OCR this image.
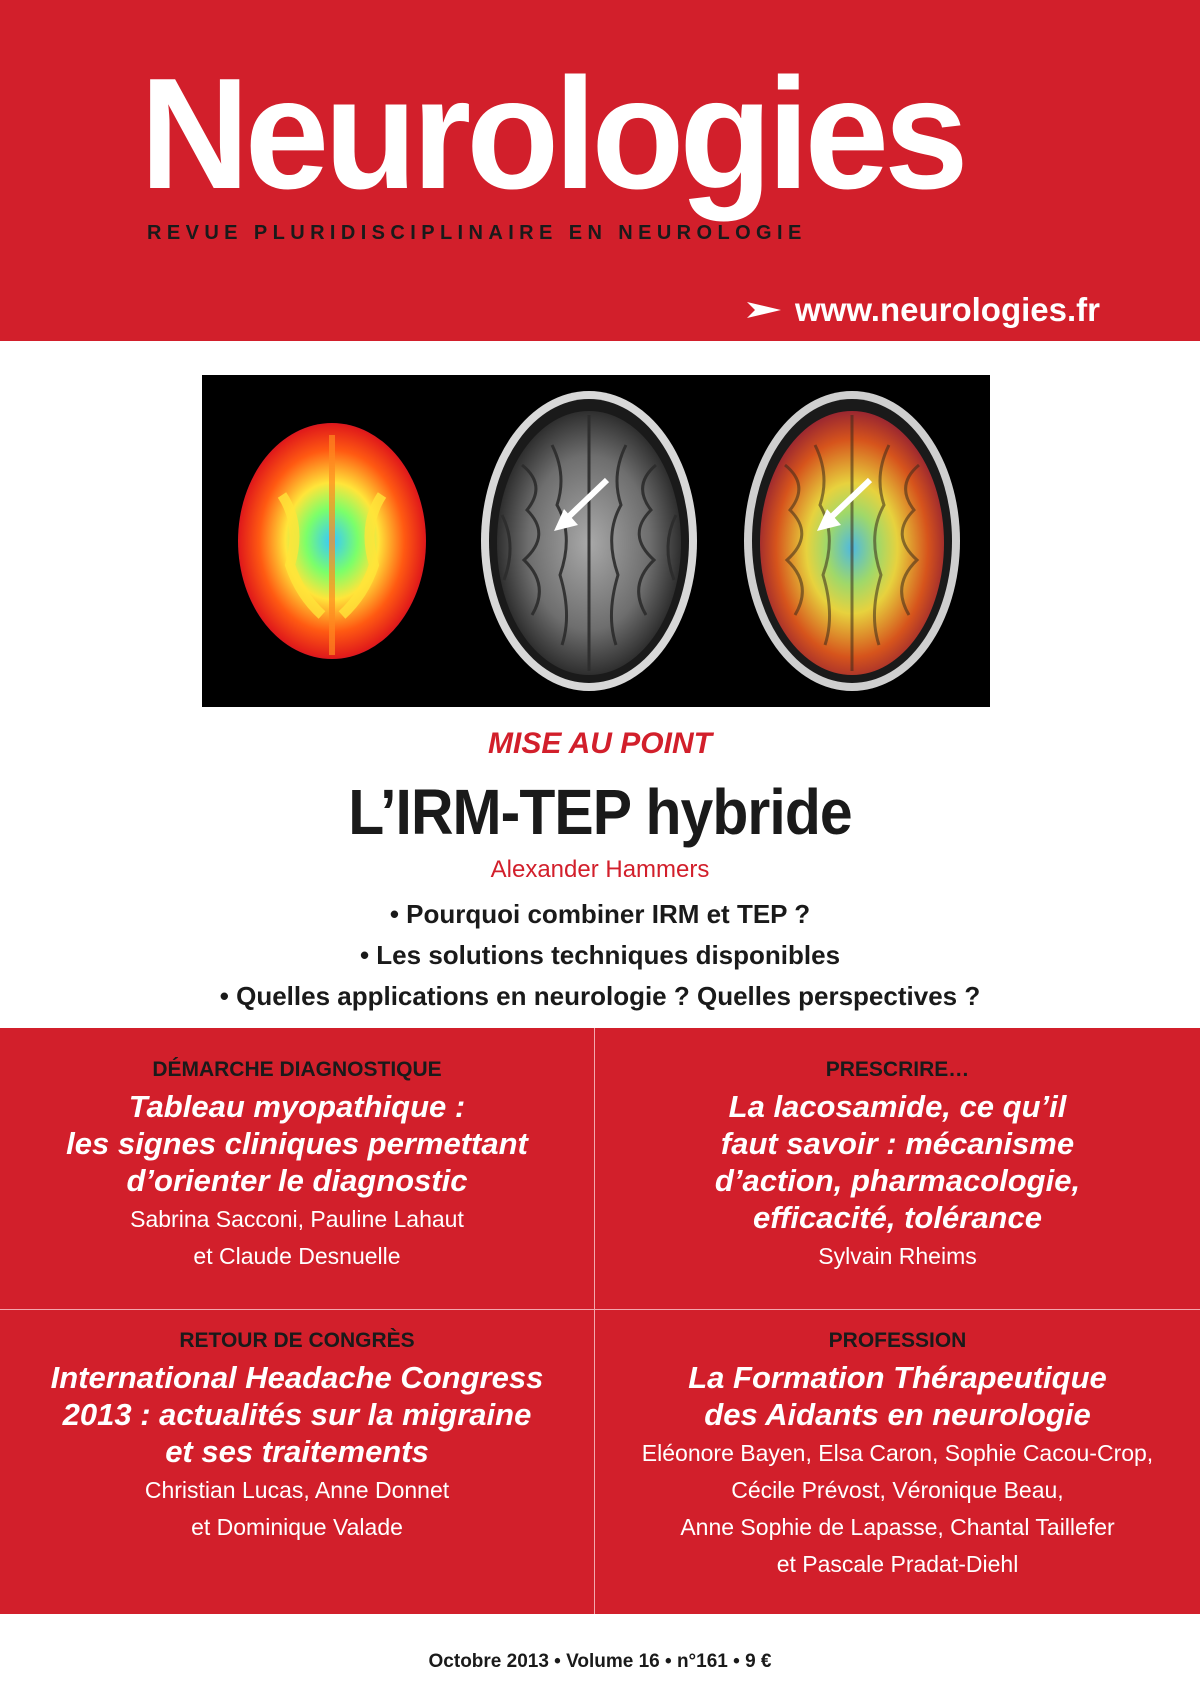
Neurologies
REVUE PLURIDISCIPLINAIRE EN NEUROLOGIE
www.neurologies.fr
MISE AU POINT
L’IRM-TEP hybride
Alexander Hammers
• Pourquoi combiner IRM et TEP ?
• Les solutions techniques disponibles
• Quelles applications en neurologie ? Quelles perspectives ?

DÉMARCHE DIAGNOSTIQUE

Tableau myopathique :
les signes cliniques permettant
d’orienter le diagnostic

Sabrina Sacconi, Pauline Lahaut
et Claude Desnuelle

PRESCRIRE…

La lacosamide, ce qu’il
faut savoir : mécanisme
d’action, pharmacologie,
efficacité, tolérance

Sylvain Rheims

RETOUR DE CONGRÈS

International Headache Congress
2013 : actualités sur la migraine
et ses traitements

Christian Lucas, Anne Donnet
et Dominique Valade

PROFESSION

La Formation Thérapeutique
des Aidants en neurologie

Eléonore Bayen, Elsa Caron, Sophie Cacou-Crop,
Cécile Prévost, Véronique Beau,
Anne Sophie de Lapasse, Chantal Taillefer
et Pascale Pradat-Diehl

Octobre 2013 • Volume 16 • n°161 • 9 €
